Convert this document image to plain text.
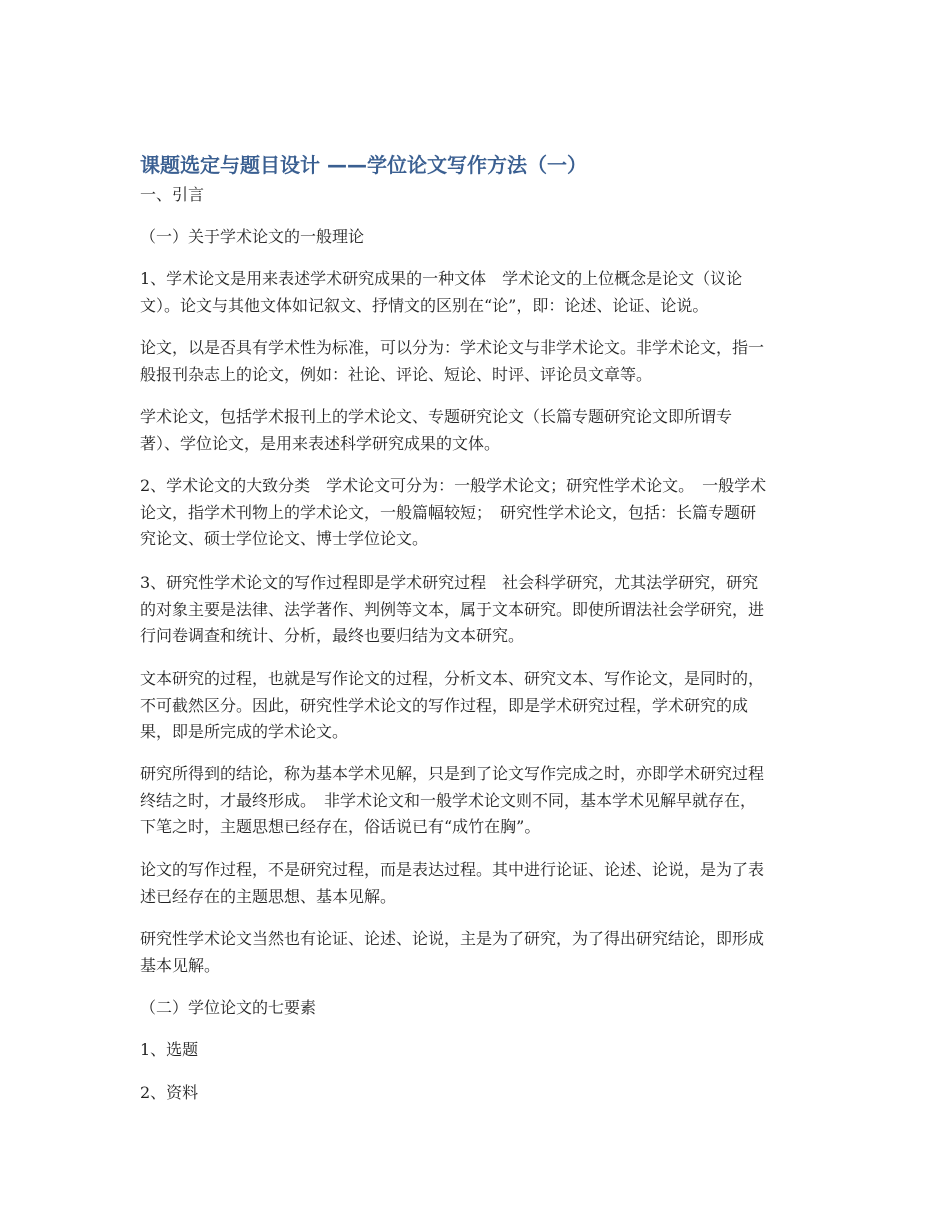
课题选定与题目设计 ——学位论文写作方法（一）

一、引言

（一）关于学术论文的一般理论

1、学术论文是用来表述学术研究成果的一种文体　学术论文的上位概念是论文（议论
文）。论文与其他文体如记叙文、抒情文的区别在“论”，即：论述、论证、论说。

论文，以是否具有学术性为标准，可以分为：学术论文与非学术论文。非学术论文，指一
般报刊杂志上的论文，例如：社论、评论、短论、时评、评论员文章等。

学术论文，包括学术报刊上的学术论文、专题研究论文（长篇专题研究论文即所谓专
著）、学位论文，是用来表述科学研究成果的文体。

2、学术论文的大致分类　学术论文可分为：一般学术论文；研究性学术论文。　一般学术
论文，指学术刊物上的学术论文，一般篇幅较短；　研究性学术论文，包括：长篇专题研
究论文、硕士学位论文、博士学位论文。

3、研究性学术论文的写作过程即是学术研究过程　社会科学研究，尤其法学研究，研究
的对象主要是法律、法学著作、判例等文本，属于文本研究。即使所谓法社会学研究，进
行问卷调查和统计、分析，最终也要归结为文本研究。

文本研究的过程，也就是写作论文的过程，分析文本、研究文本、写作论文，是同时的，
不可截然区分。因此，研究性学术论文的写作过程，即是学术研究过程，学术研究的成
果，即是所完成的学术论文。

研究所得到的结论，称为基本学术见解，只是到了论文写作完成之时，亦即学术研究过程
终结之时，才最终形成。　非学术论文和一般学术论文则不同，基本学术见解早就存在，
下笔之时，主题思想已经存在，俗话说已有“成竹在胸”。

论文的写作过程，不是研究过程，而是表达过程。其中进行论证、论述、论说，是为了表
述已经存在的主题思想、基本见解。

研究性学术论文当然也有论证、论述、论说，主是为了研究，为了得出研究结论，即形成
基本见解。

（二）学位论文的七要素

1、选题

2、资料
